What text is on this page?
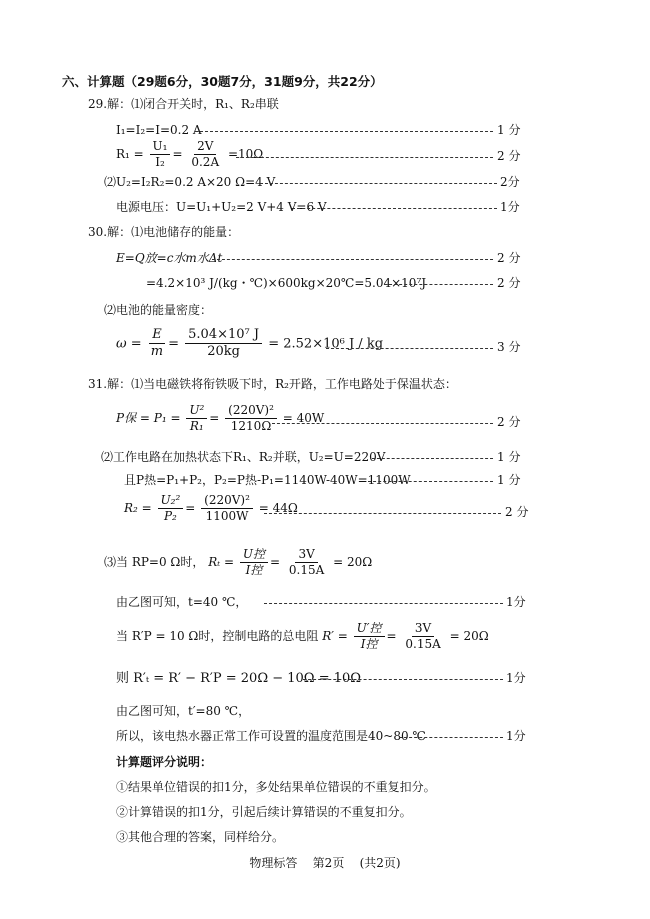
六、计算题（29题6分，30题7分，31题9分，共22分）
29.解：⑴闭合开关时，R₁、R₂串联
I₁=I₂=I=0.2 A	1 分
$R_1 = \frac{\text{U₁}}{\text{I₂}} = \frac{2V}{0.2A} =10\Omega$	2 分
⑵U₂=I₂R₂=0.2 A×20 Ω=4 V	2分
电源电压：U=U₁+U₂=2 V+4 V=6 V	1分
30.解：⑴电池储存的能量：
E=Q放=c水m水Δt	2 分
=4.2×10³ J/(kg・℃)×600kg×20℃=5.04×10⁷J	2 分
⑵电池的能量密度：
$\omega = \frac{E}{m} = \frac{\text{5.04×10⁷ J}}{20kg} = 2.52\times 10^6$ J / kg	3 分
31.解：⑴当电磁铁将衔铁吸下时，R₂开路，工作电路处于保温状态：
P保 = $P_1 = \frac{\text{U²}}{\text{R₁}} = \frac{\text{(220V)²}}{1210\Omega} = 40W$	2 分
⑵工作电路在加热状态下R₁、R₂并联，U₂=U=220V	1 分
且P热=P₁+P₂，P₂=P热-P₁=1140W-40W=1100W	1 分
$R_2 = \frac{\text{U₂²}}{\text{P₂}} = \frac{\text{(220V)²}}{1100W} = 44\Omega$	2 分
⑶当 RP=0 Ω时， Rₜ =
U控
I控
= $\frac{3V}{0.15A} = 20\Omega$
由乙图可知，t=40 ℃，	1分
当 R′P = 10 Ω时，控制电路的总电阻 R′ =
U′控
I控
= $\frac{3V}{0.15A} = 20\Omega$
则 R′ₜ = R′ − R′P = 20Ω − 10Ω = 10Ω	1分
由乙图可知，t′=80 ℃，
所以，该电热水器正常工作可设置的温度范围是40~80 ℃	1分
计算题评分说明：
①结果单位错误的扣1分，多处结果单位错误的不重复扣分。
②计算错误的扣1分，引起后续计算错误的不重复扣分。
③其他合理的答案，同样给分。
物理标答    第2页    (共2页)
